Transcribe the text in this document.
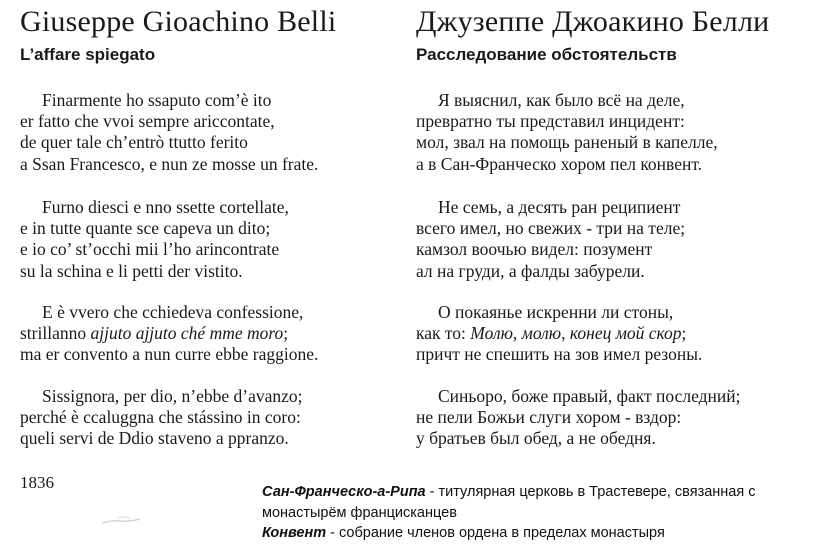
Giuseppe Gioachino Belli
L’affare spiegato
Finarmente ho ssaputo com’è ito
er fatto che vvoi sempre ariccontate,
de quer tale ch’entrò ttutto ferito
a Ssan Francesco, e nun ze mosse un frate.
Furno diesci e nno ssette cortellate,
e in tutte quante sce capeva un dito;
e io co’ st’occhi mii l’ho arincontrate
su la schina e li petti der vistito.
E è vvero che cchiedeva confessione,
strillanno ajjuto ajjuto ché mme moro;
ma er convento a nun curre ebbe raggione.
Sissignora, per dio, n’ebbe d’avanzo;
perché è ccaluggna che stássino in coro:
queli servi de Ddio staveno a ppranzo.
Джузеппе Джоакино Белли
Расследование обстоятельств
Я выяснил, как было всё на деле,
превратно ты представил инцидент:
мол, звал на помощь раненый в капелле,
а в Сан-Франческо хором пел конвент.
Не семь, а десять ран реципиент
всего имел, но свежих - три на теле;
камзол воочью видел: позумент
ал на груди, а фалды забурели.
О покаянье искренни ли стоны,
как то: Молю, молю, конец мой скор;
причт не спешить на зов имел резоны.
Синьоро, боже правый, факт последний;
не пели Божьи слуги хором - вздор:
у братьев был обед, а не обедня.
1836	Сан-Франческо-а-Рипа - титулярная церковь в Трастевере, связанная с монастырём францисканцев
Конвент - собрание членов ордена в пределах монастыря
